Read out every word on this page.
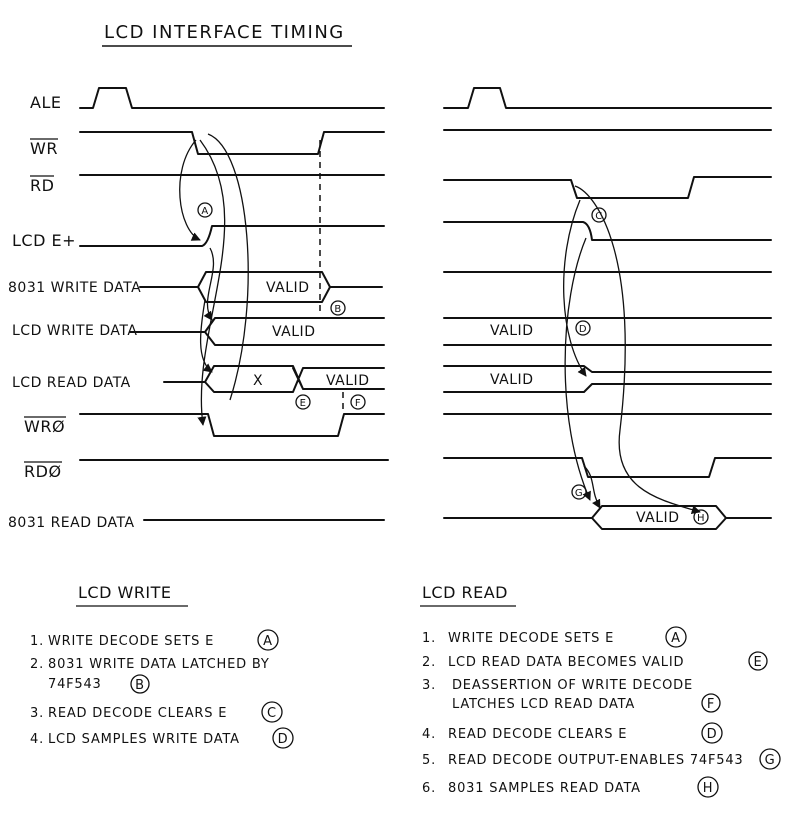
LCD INTERFACE TIMING
ALE
WR
RD
LCD E+
8031 WRITE DATA
LCD WRITE DATA
LCD READ DATA
WRØ
RDØ
8031 READ DATA
VALID
VALID
X	VALID
A
B
E	F
VALID
VALID
VALID
C
D
G
H
LCD WRITE
1. WRITE DECODE SETS E	A
2. 8031 WRITE DATA LATCHED BY
74F543	B
3. READ DECODE CLEARS E	C
4. LCD SAMPLES WRITE DATA	D
LCD READ
1. WRITE DECODE SETS E	A
2. LCD READ DATA BECOMES VALID	E
3. DEASSERTION OF WRITE DECODE
LATCHES LCD READ DATA	F
4. READ DECODE CLEARS E	D
5. READ DECODE OUTPUT-ENABLES 74F543 G
6. 8031 SAMPLES READ DATA	H
